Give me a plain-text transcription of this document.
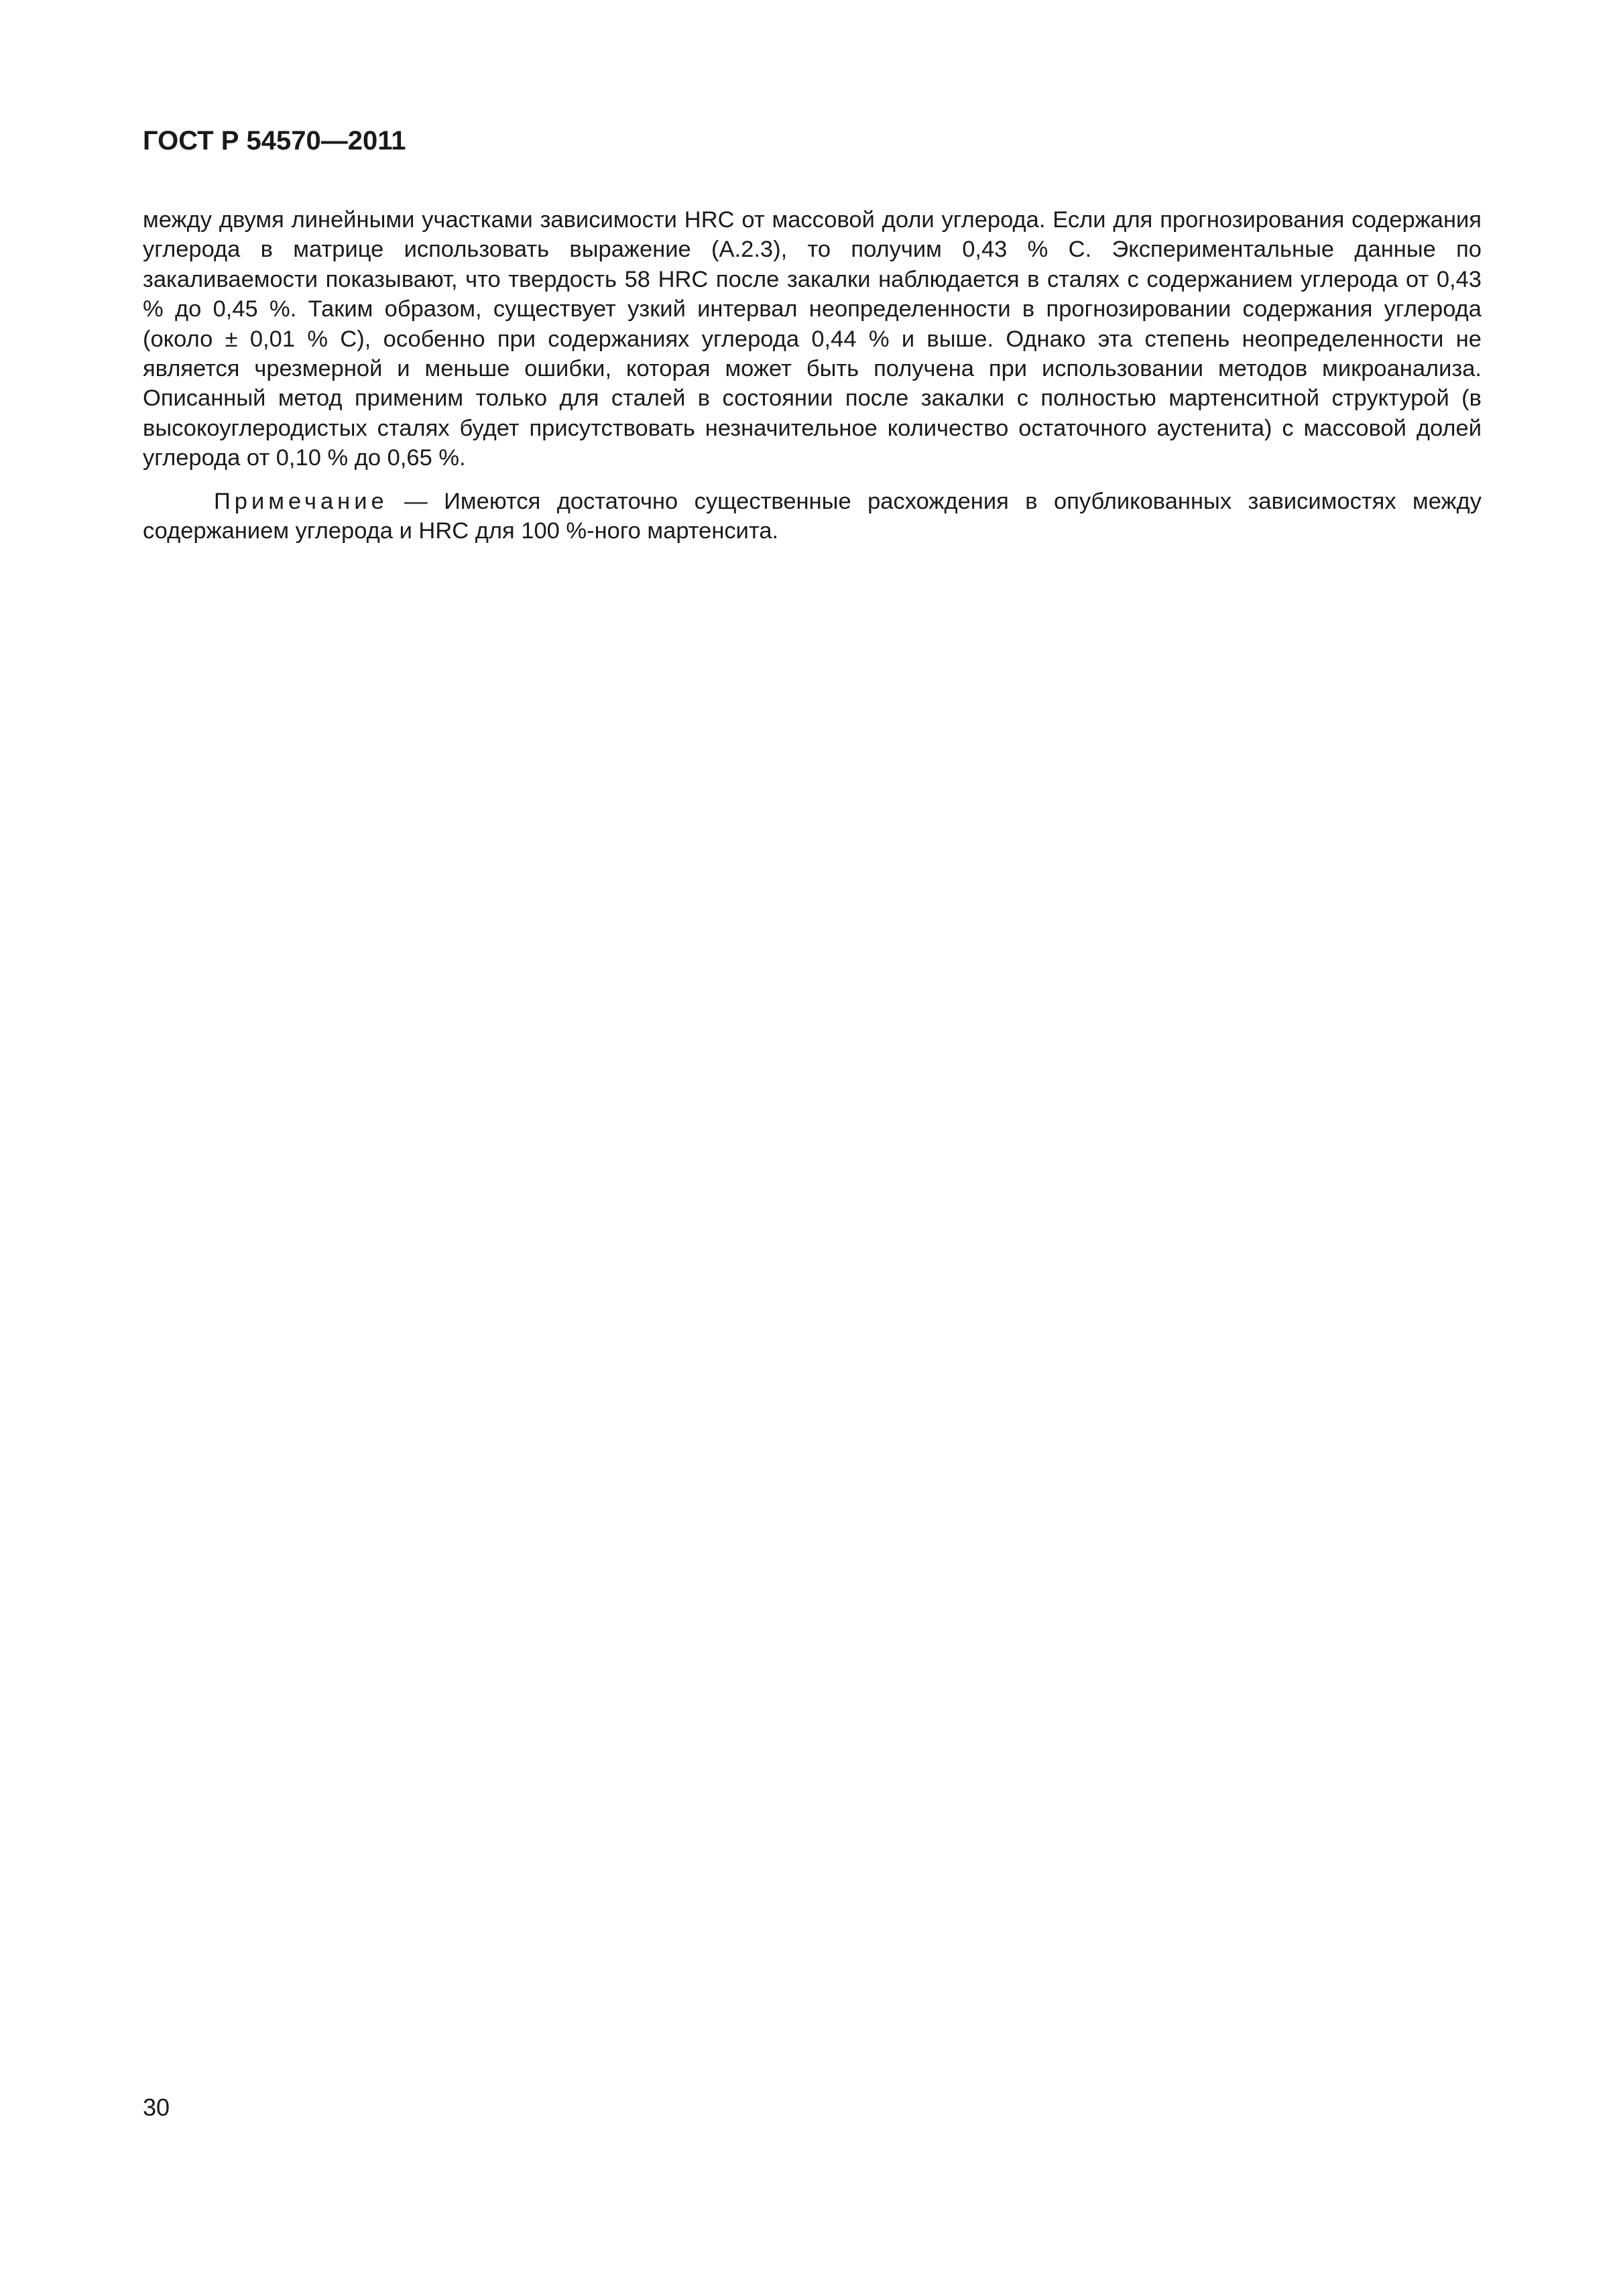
ГОСТ Р 54570—2011

между двумя линейными участками зависимости HRC от массовой доли углерода. Если для прогнозирования содержания углерода в матрице использовать выражение (А.2.3), то получим 0,43 % С. Экспериментальные данные по закаливаемости показывают, что твердость 58 HRC после закалки наблюдается в сталях с содержанием углерода от 0,43 % до 0,45 %. Таким образом, существует узкий интервал неопределенности в прогнозировании содержания углерода (около ± 0,01 % С), особенно при содержаниях углерода 0,44 % и выше. Однако эта степень неопределенности не является чрезмерной и меньше ошибки, которая может быть получена при использовании методов микроанализа. Описанный метод применим только для сталей в состоянии после закалки с полностью мартенситной структурой (в высокоуглеродистых сталях будет присутствовать незначительное количество остаточного аустенита) с массовой долей углерода от 0,10 % до 0,65 %.

Примечание — Имеются достаточно существенные расхождения в опубликованных зависимостях между содержанием углерода и HRC для 100 %-ного мартенсита.

30
